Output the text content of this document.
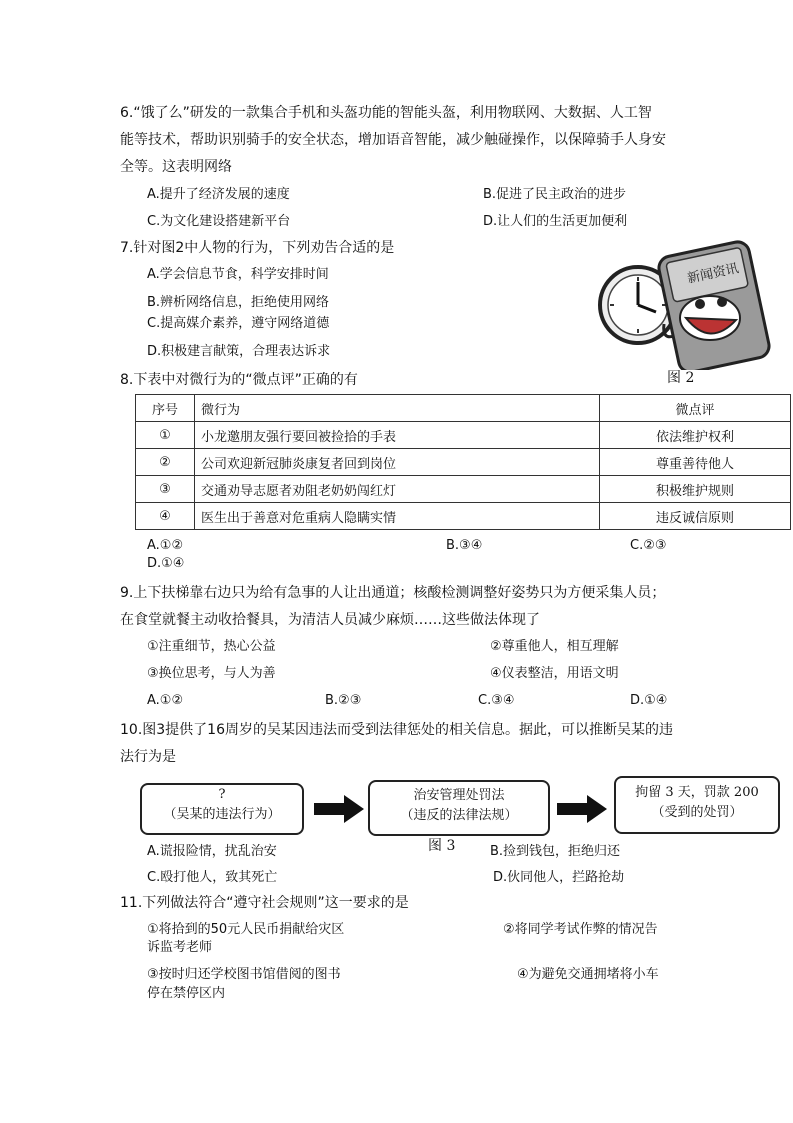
6.“饿了么”研发的一款集合手机和头盔功能的智能头盔，利用物联网、大数据、人工智
能等技术，帮助识别骑手的安全状态，增加语音智能，减少触碰操作，以保障骑手人身安
全等。这表明网络
A.提升了经济发展的速度	B.促进了民主政治的进步
C.为文化建设搭建新平台	D.让人们的生活更加便利
7.针对图2中人物的行为，下列劝告合适的是
A.学会信息节食，科学安排时间
B.辨析网络信息，拒绝使用网络
C.提高媒介素养，遵守网络道德
D.积极建言献策，合理表达诉求
新闻资讯
图 2
8.下表中对微行为的“微点评”正确的有
序号	微行为	微点评
①	小龙邀朋友强行要回被捡拾的手表	依法维护权利
②	公司欢迎新冠肺炎康复者回到岗位	尊重善待他人
③	交通劝导志愿者劝阻老奶奶闯红灯	积极维护规则
④	医生出于善意对危重病人隐瞒实情	违反诚信原则
A.①②	B.③④	C.②③
D.①④
9.上下扶梯靠右边只为给有急事的人让出通道；核酸检测调整好姿势只为方便采集人员；
在食堂就餐主动收拾餐具，为清洁人员减少麻烦……这些做法体现了
①注重细节，热心公益	②尊重他人，相互理解
③换位思考，与人为善	④仪表整洁，用语文明
A.①②	B.②③	C.③④	D.①④
10.图3提供了16周岁的吴某因违法而受到法律惩处的相关信息。据此，可以推断吴某的违
法行为是
?
（吴某的违法行为）
治安管理处罚法
（违反的法律法规）
拘留 3 天，罚款 200
（受到的处罚）
图 3
A.谎报险情，扰乱治安	B.捡到钱包，拒绝归还
C.殴打他人，致其死亡	D.伙同他人，拦路抢劫
11.下列做法符合“遵守社会规则”这一要求的是
①将拾到的50元人民币捐献给灾区	②将同学考试作弊的情况告
诉监考老师
③按时归还学校图书馆借阅的图书	④为避免交通拥堵将小车
停在禁停区内
